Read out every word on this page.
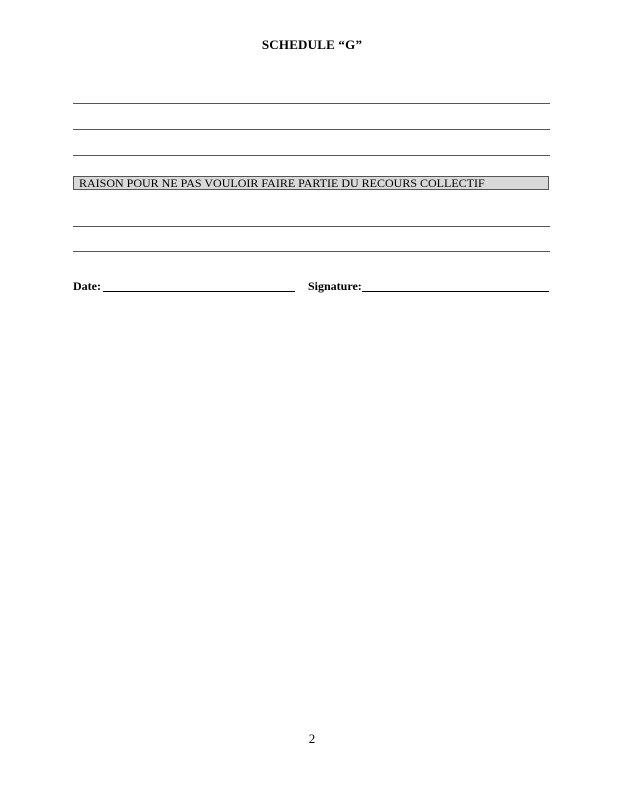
SCHEDULE “G”
RAISON POUR NE PAS VOULOIR FAIRE PARTIE DU RECOURS COLLECTIF
Date:	Signature:
2
